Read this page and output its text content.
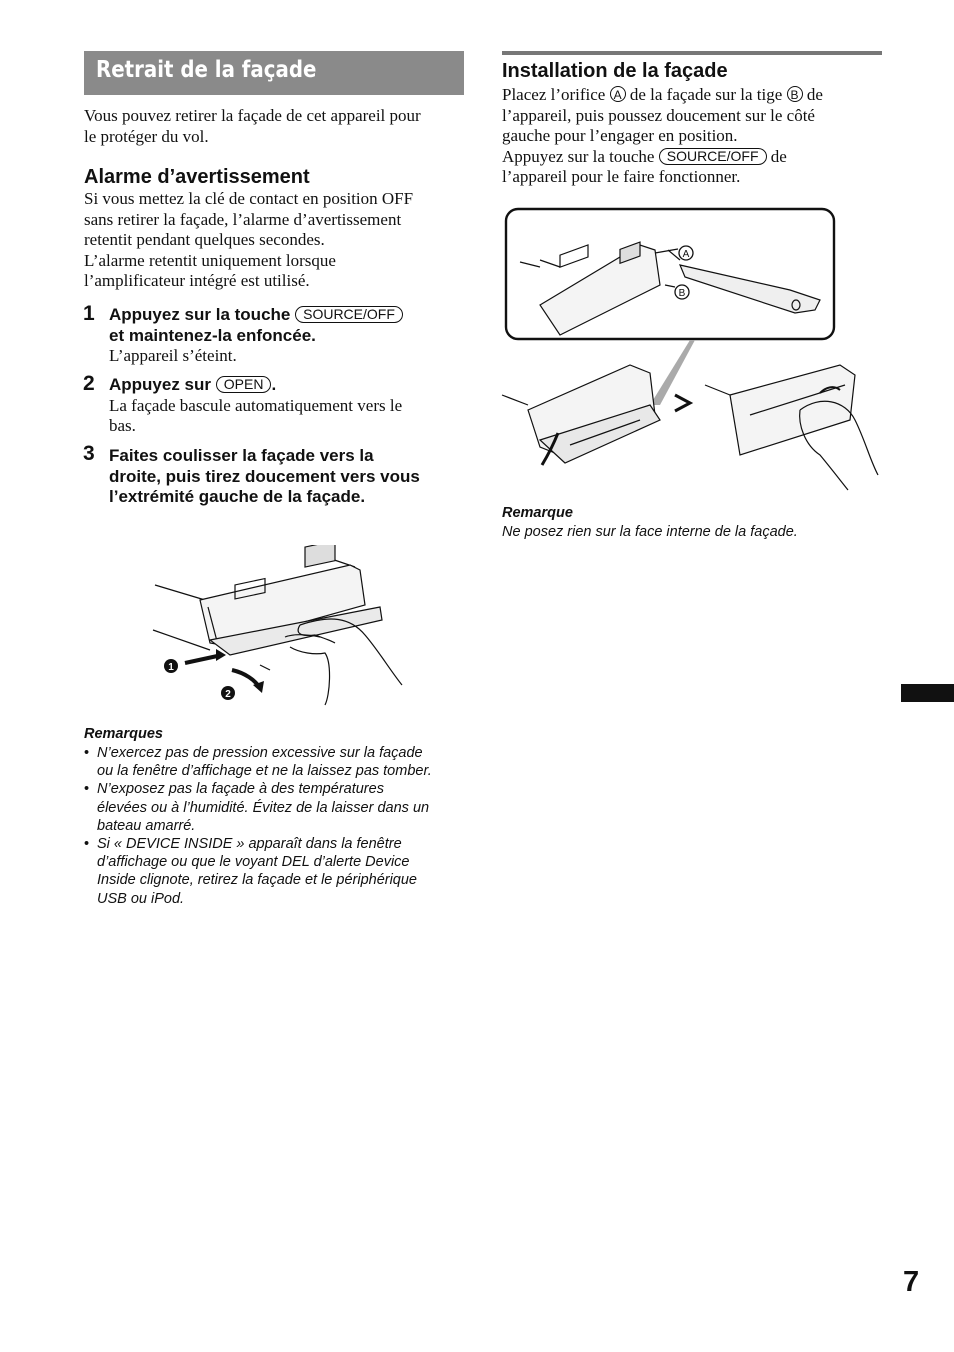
Retrait de la façade
Vous pouvez retirer la façade de cet appareil pour
le protéger du vol.
Alarme d’avertissement
Si vous mettez la clé de contact en position OFF
sans retirer la façade, l’alarme d’avertissement
retentit pendant quelques secondes.
L’alarme retentit uniquement lorsque
l’amplificateur intégré est utilisé.
1 Appuyez sur la touche SOURCE/OFF
et maintenez-la enfoncée.
L’appareil s’éteint.
2 Appuyez sur OPEN .
La façade bascule automatiquement vers le
bas.
3 Faites coulisser la façade vers la
droite, puis tirez doucement vers vous
l’extrémité gauche de la façade.
1
2
Remarques
• N’exercez pas de pression excessive sur la façade
ou la fenêtre d’affichage et ne la laissez pas tomber.
• N’exposez pas la façade à des températures
élevées ou à l’humidité. Évitez de la laisser dans un
bateau amarré.
• Si « DEVICE INSIDE » apparaît dans la fenêtre
d’affichage ou que le voyant DEL d’alerte Device
Inside clignote, retirez la façade et le périphérique
USB ou iPod.
Installation de la façade
Placez l’orifice A de la façade sur la tige B de
l’appareil, puis poussez doucement sur le côté
gauche pour l’engager en position.
Appuyez sur la touche SOURCE/OFF de
l’appareil pour le faire fonctionner.
A
B
Remarque
Ne posez rien sur la face interne de la façade.
7
